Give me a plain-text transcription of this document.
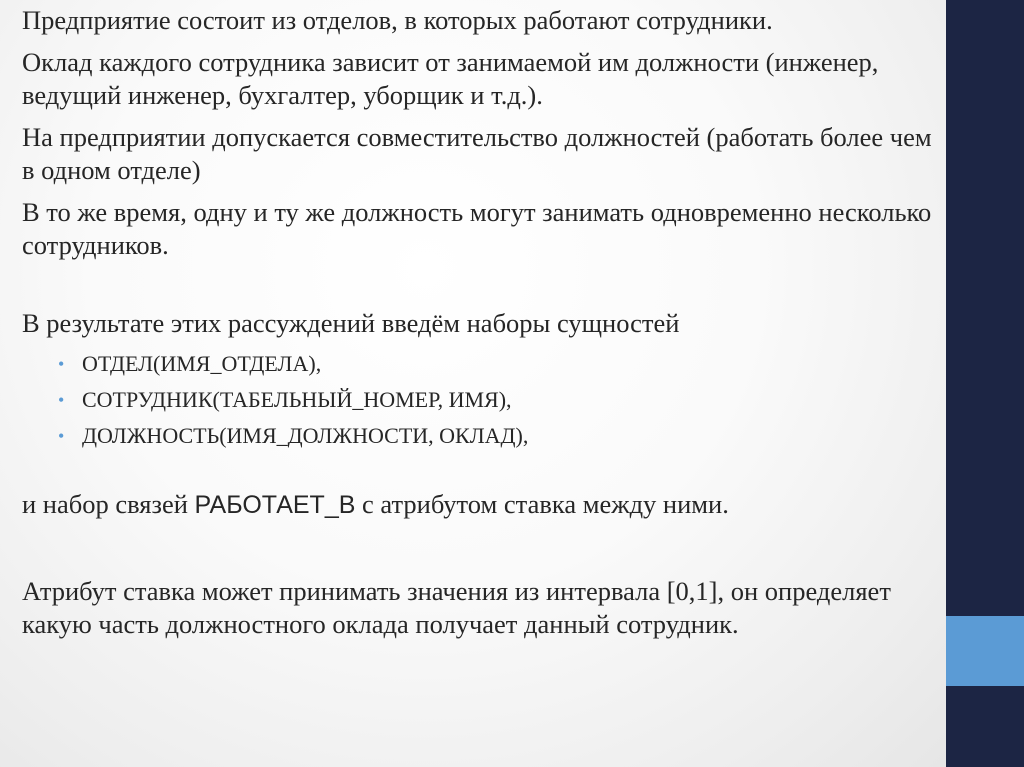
Предприятие состоит из отделов, в которых работают сотрудники.

Оклад каждого сотрудника зависит от занимаемой им должности (инженер, ведущий инженер, бухгалтер, уборщик и т.д.).

На предприятии допускается совместительство должностей (работать более чем в одном отделе)

В то же время, одну и ту же должность могут занимать одновременно несколько сотрудников.

В результате этих рассуждений введём наборы сущностей

• ОТДЕЛ(ИМЯ_ОТДЕЛА),
• СОТРУДНИК(ТАБЕЛЬНЫЙ_НОМЕР, ИМЯ),
• ДОЛЖНОСТЬ(ИМЯ_ДОЛЖНОСТИ, ОКЛАД),

и набор связей РАБОТАЕТ_В с атрибутом ставка между ними.

Атрибут ставка может принимать значения из интервала [0,1], он определяет какую часть должностного оклада получает данный сотрудник.
